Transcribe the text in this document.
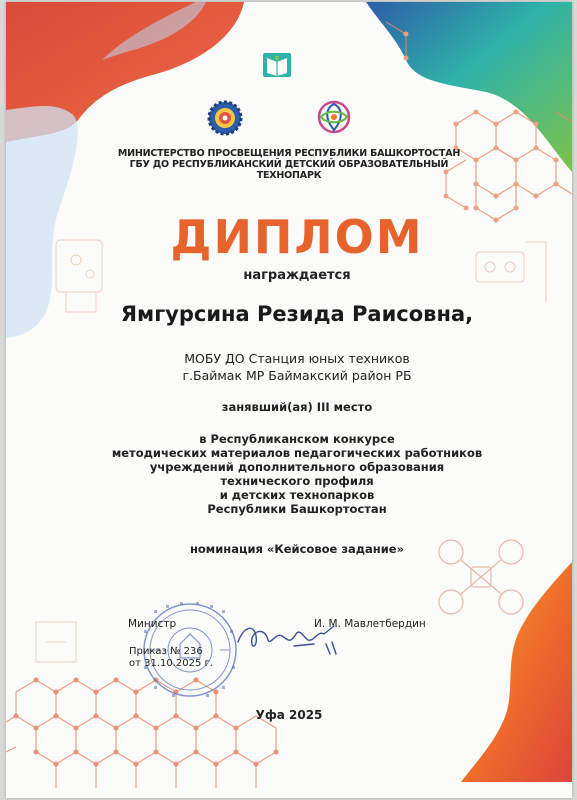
МИНИСТЕРСТВО ПРОСВЕЩЕНИЯ РЕСПУБЛИКИ БАШКОРТОСТАН
ГБУ ДО РЕСПУБЛИКАНСКИЙ ДЕТСКИЙ ОБРАЗОВАТЕЛЬНЫЙ
ТЕХНОПАРК
ДИПЛОМ
награждается
Ямгурсина Резида Раисовна,
МОБУ ДО Станция юных техников
г.Баймак МР Баймакский район РБ
занявший(ая) III место
в Республиканском конкурсе
методических материалов педагогических работников
учреждений дополнительного образования
технического профиля
и детских технопарков
Республики Башкортостан
номинация «Кейсовое задание»
Министр	И. М. Мавлетбердин
Приказ № 236
от 31.10.2025 г.
Уфа 2025
